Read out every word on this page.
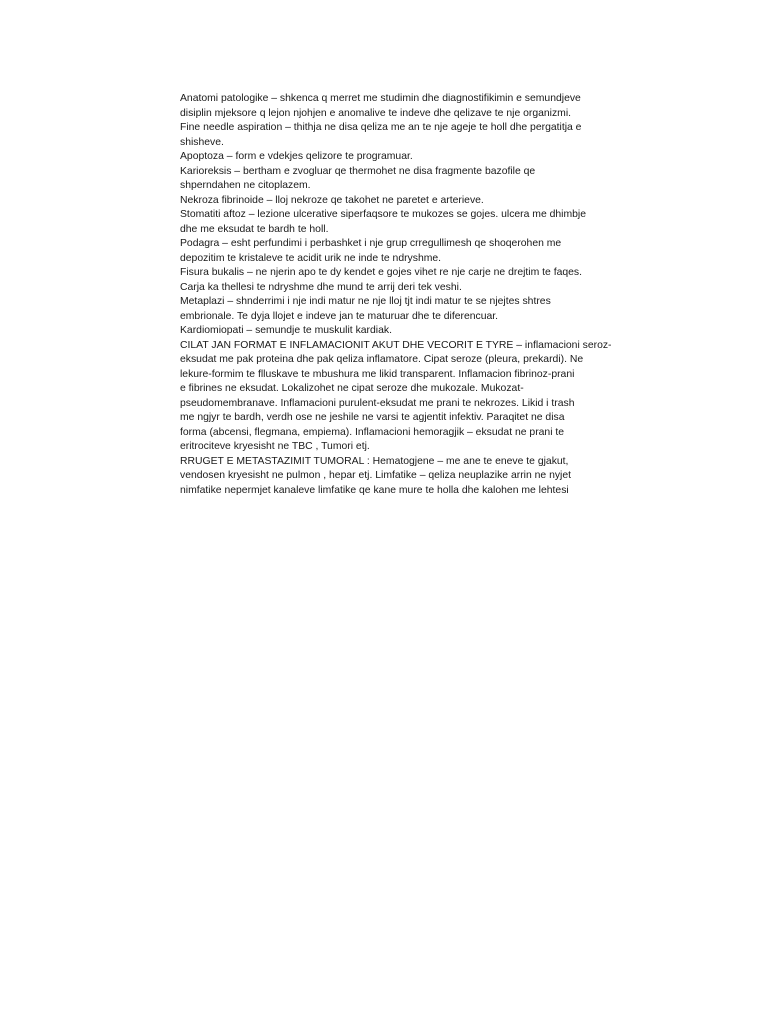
Anatomi patologike – shkenca q merret me studimin dhe diagnostifikimin e semundjeve
disiplin mjeksore q lejon njohjen e anomalive te indeve dhe qelizave te nje organizmi.
Fine needle aspiration – thithja ne disa qeliza me an te nje ageje te holl dhe pergatitja e
shisheve.
Apoptoza – form e vdekjes qelizore te programuar.
Karioreksis – bertham e zvogluar qe thermohet ne disa fragmente bazofile qe
shperndahen ne citoplazem.
Nekroza fibrinoide – lloj nekroze qe takohet ne paretet e arterieve.
Stomatiti aftoz – lezione ulcerative siperfaqsore te mukozes se gojes. ulcera me dhimbje
dhe me eksudat te bardh te holl.
Podagra – esht perfundimi i perbashket i nje grup crregullimesh qe shoqerohen me
depozitim te kristaleve te acidit urik ne inde te ndryshme.
Fisura bukalis – ne njerin apo te dy kendet e gojes vihet re nje carje ne drejtim te faqes.
Carja ka thellesi te ndryshme dhe mund te arrij deri tek veshi.
Metaplazi – shnderrimi i nje indi matur ne nje lloj tjt indi matur te se njejtes shtres
embrionale. Te dyja llojet e indeve jan te maturuar dhe te diferencuar.
Kardiomiopati – semundje te muskulit kardiak.
CILAT JAN FORMAT E INFLAMACIONIT AKUT DHE VECORIT E TYRE – inflamacioni seroz-
eksudat me pak proteina dhe pak qeliza inflamatore. Cipat seroze (pleura, prekardi). Ne
lekure-formim te flluskave te mbushura me likid transparent. Inflamacion fibrinoz-prani
e fibrines ne eksudat. Lokalizohet ne cipat seroze dhe mukozale. Mukozat-
pseudomembranave. Inflamacioni purulent-eksudat me prani te nekrozes. Likid i trash
me ngjyr te bardh, verdh ose ne jeshile ne varsi te agjentit infektiv. Paraqitet ne disa
forma (abcensi, flegmana, empiema). Inflamacioni hemoragjik – eksudat ne prani te
eritrociteve kryesisht ne TBC , Tumori etj.
RRUGET E METASTAZIMIT TUMORAL : Hematogjene – me ane te eneve te gjakut,
vendosen kryesisht ne pulmon , hepar etj. Limfatike – qeliza neuplazike arrin ne nyjet
nimfatike nepermjet kanaleve limfatike qe kane mure te holla dhe kalohen me lehtesi
